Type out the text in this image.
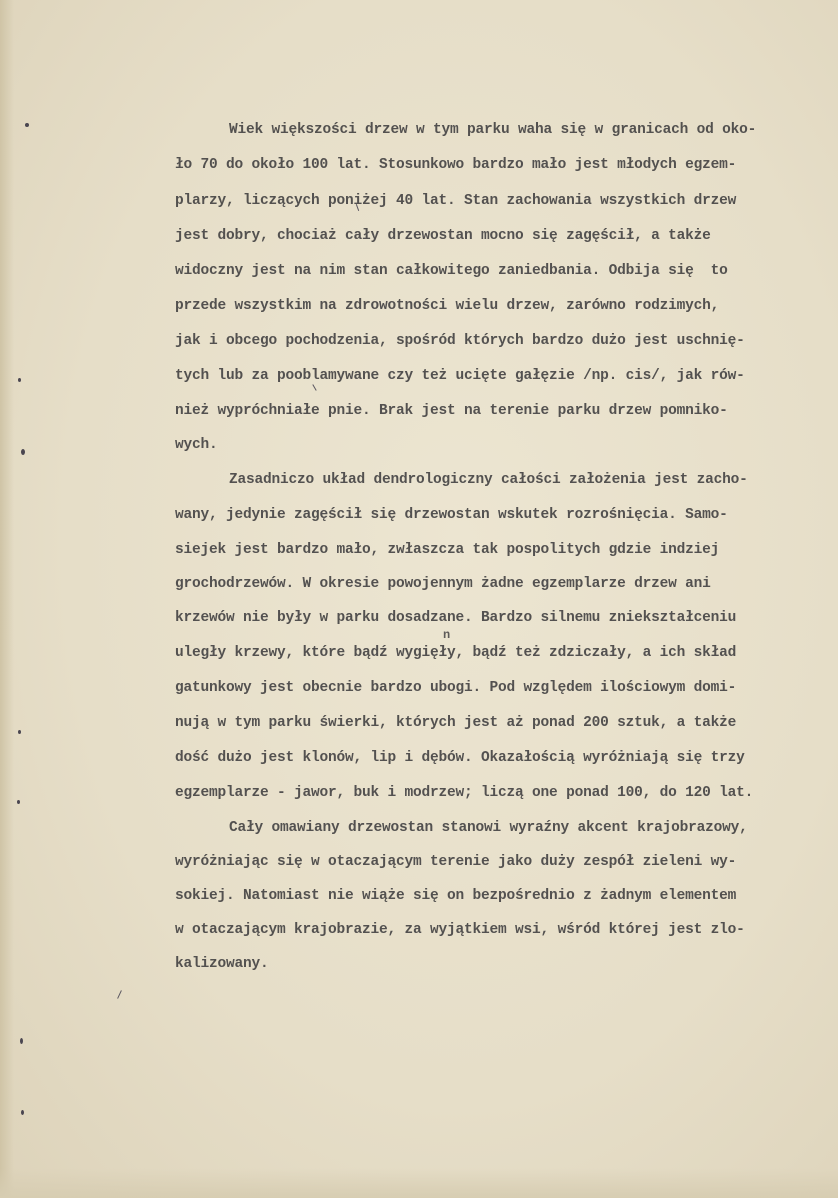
Wiek większości drzew w tym parku waha się w granicach od oko-
ło 70 do około 100 lat. Stosunkowo bardzo mało jest młodych egzem-
plarzy, liczących poniżej 40 lat. Stan zachowania wszystkich drzew
jest dobry, chociaż cały drzewostan mocno się zagęścił, a także
widoczny jest na nim stan całkowitego zaniedbania. Odbija się  to
przede wszystkim na zdrowotności wielu drzew, zarówno rodzimych,
jak i obcego pochodzenia, spośród których bardzo dużo jest uschnię-
tych lub za pooblamywane czy też ucięte gałęzie /np. cis/, jak rów-
nież wypróchniałe pnie. Brak jest na terenie parku drzew pomniko-
wych.
Zasadniczo układ dendrologiczny całości założenia jest zacho-
wany, jedynie zagęścił się drzewostan wskutek rozrośnięcia. Samo-
siejek jest bardzo mało, zwłaszcza tak pospolitych gdzie indziej
grochodrzewów. W okresie powojennym żadne egzemplarze drzew ani
krzewów nie były w parku dosadzane. Bardzo silnemu zniekształceniu
n
uległy krzewy, które bądź wygięły, bądź też zdziczały, a ich skład
gatunkowy jest obecnie bardzo ubogi. Pod względem ilościowym domi-
nują w tym parku świerki, których jest aż ponad 200 sztuk, a także
dość dużo jest klonów, lip i dębów. Okazałością wyróżniają się trzy
egzemplarze - jawor, buk i modrzew; liczą one ponad 100, do 120 lat.
Cały omawiany drzewostan stanowi wyraźny akcent krajobrazowy,
wyróżniając się w otaczającym terenie jako duży zespół zieleni wy-
sokiej. Natomiast nie wiąże się on bezpośrednio z żadnym elementem
w otaczającym krajobrazie, za wyjątkiem wsi, wśród której jest zlo-
kalizowany.
